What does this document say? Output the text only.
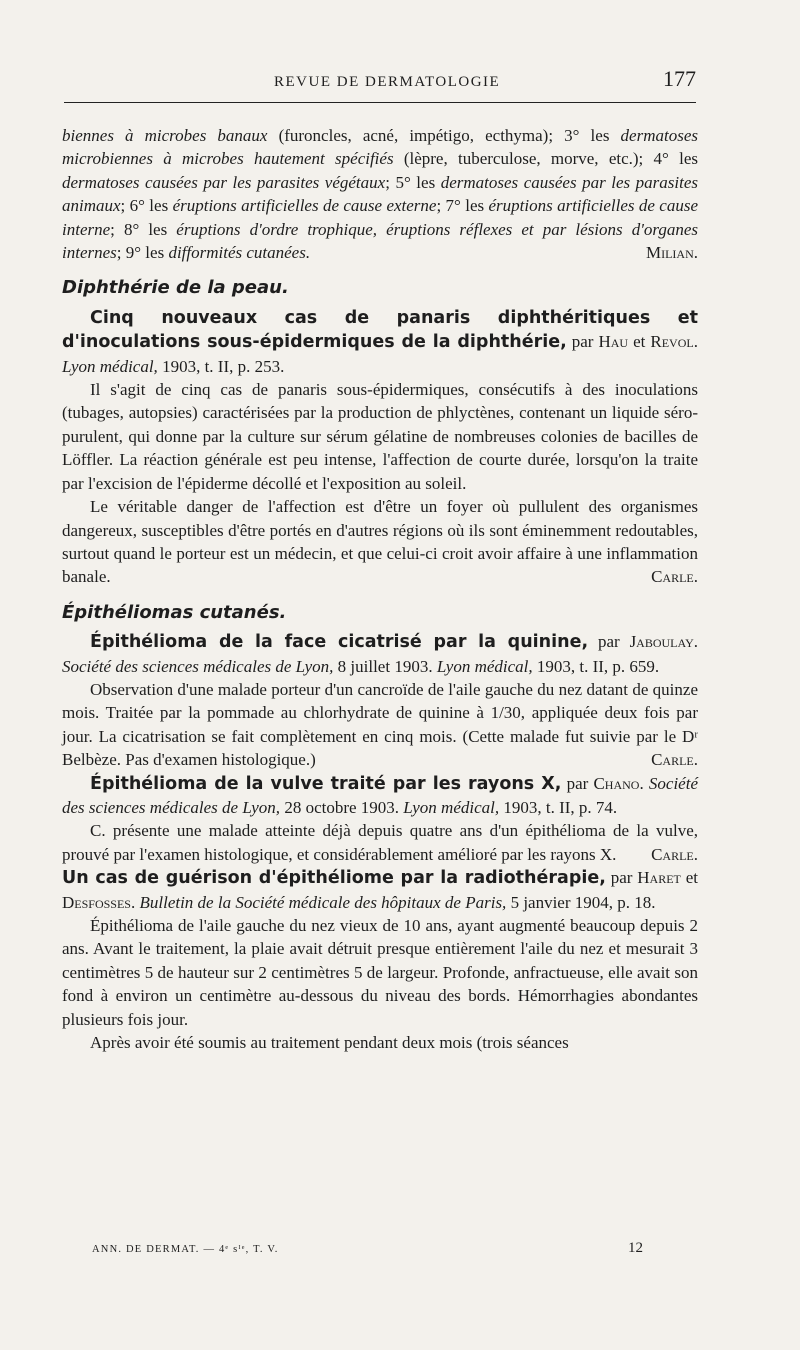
REVUE DE DERMATOLOGIE	177

biennes à microbes banaux (furoncles, acné, impétigo, ecthyma); 3° les dermatoses microbiennes à microbes hautement spécifiés (lèpre, tuberculose, morve, etc.); 4° les dermatoses causées par les parasites végétaux; 5° les dermatoses causées par les parasites animaux; 6° les éruptions artificielles de cause externe; 7° les éruptions artificielles de cause interne; 8° les éruptions d'ordre trophique, éruptions réflexes et par lésions d'organes internes; 9° les difformités cutanées.	Milian.

Diphthérie de la peau.

Cinq nouveaux cas de panaris diphthéritiques et d'inoculations sous-épidermiques de la diphthérie, par Hau et Revol. Lyon médical, 1903, t. II, p. 253.

Il s'agit de cinq cas de panaris sous-épidermiques, consécutifs à des inoculations (tubages, autopsies) caractérisées par la production de phlyctènes, contenant un liquide séro-purulent, qui donne par la culture sur sérum gélatine de nombreuses colonies de bacilles de Löffler. La réaction générale est peu intense, l'affection de courte durée, lorsqu'on la traite par l'excision de l'épiderme décollé et l'exposition au soleil.

Le véritable danger de l'affection est d'être un foyer où pullulent des organismes dangereux, susceptibles d'être portés en d'autres régions où ils sont éminemment redoutables, surtout quand le porteur est un médecin, et que celui-ci croit avoir affaire à une inflammation banale.	Carle.

Épithéliomas cutanés.

Épithélioma de la face cicatrisé par la quinine, par Jaboulay. Société des sciences médicales de Lyon, 8 juillet 1903. Lyon médical, 1903, t. II, p. 659.

Observation d'une malade porteur d'un cancroïde de l'aile gauche du nez datant de quinze mois. Traitée par la pommade au chlorhydrate de quinine à 1/30, appliquée deux fois par jour. La cicatrisation se fait complètement en cinq mois. (Cette malade fut suivie par le Dʳ Belbèze. Pas d'examen histologique.)	Carle.

Épithélioma de la vulve traité par les rayons X, par Chano. Société des sciences médicales de Lyon, 28 octobre 1903. Lyon médical, 1903, t. II, p. 74.

C. présente une malade atteinte déjà depuis quatre ans d'un épithélioma de la vulve, prouvé par l'examen histologique, et considérablement amélioré par les rayons X.	Carle.

Un cas de guérison d'épithéliome par la radiothérapie, par Haret et Desfosses. Bulletin de la Société médicale des hôpitaux de Paris, 5 janvier 1904, p. 18.

Épithélioma de l'aile gauche du nez vieux de 10 ans, ayant augmenté beaucoup depuis 2 ans. Avant le traitement, la plaie avait détruit presque entièrement l'aile du nez et mesurait 3 centimètres 5 de hauteur sur 2 centimètres 5 de largeur. Profonde, anfractueuse, elle avait son fond à environ un centimètre au-dessous du niveau des bords. Hémorrhagies abondantes plusieurs fois jour.

Après avoir été soumis au traitement pendant deux mois (trois séances

ANN. DE DERMAT. — 4ᵉ sᴵᵉ, T. V.	12
